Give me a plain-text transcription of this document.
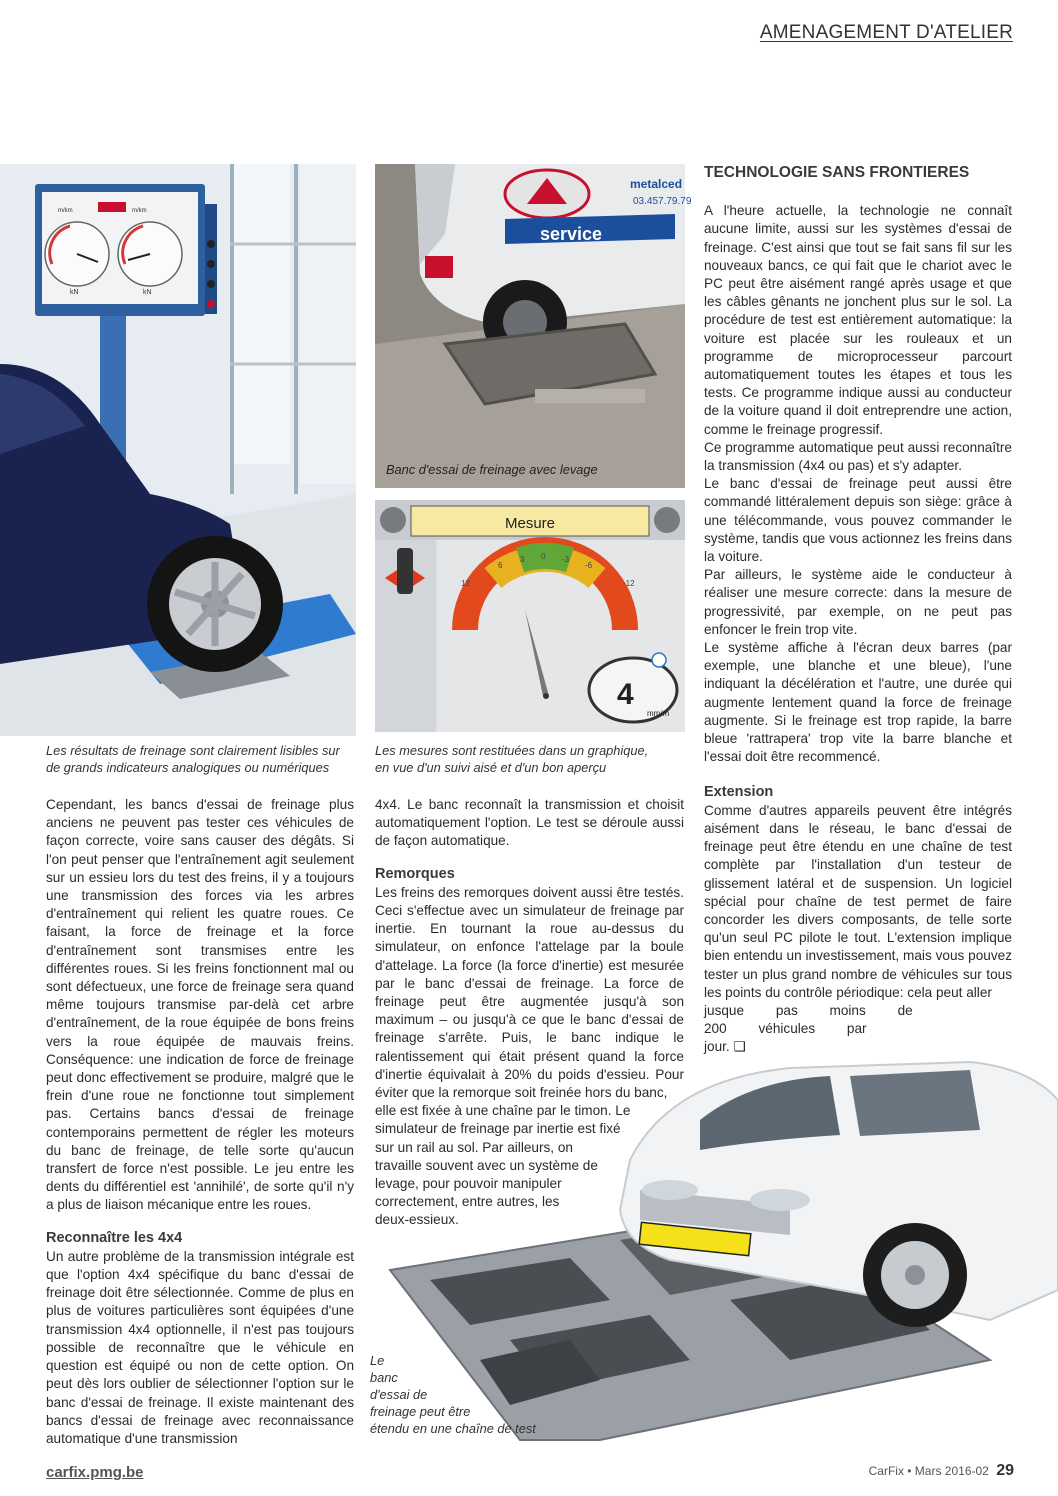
AMENAGEMENT D'ATELIER
m/km	m/km
kN	kN
service
metalced
03.457.79.79
Banc d'essai de freinage avec levage
Mesure
12
6
3 0 -3
-6
-12
4
mm/m
Les résultats de freinage sont clairement lisibles sur
de grands indicateurs analogiques ou numériques
Les mesures sont restituées dans un graphique,
en vue d'un suivi aisé et d'un bon aperçu

Cependant, les bancs d'essai de freinage plus anciens ne peuvent pas tester ces véhicules de façon correcte, voire sans causer des dégâts. Si l'on peut penser que l'entraînement agit seulement sur un essieu lors du test des freins, il y a toujours une transmission des forces via les arbres d'entraînement qui relient les quatre roues. Ce faisant, la force de freinage et la force d'entraînement sont transmises entre les différentes roues. Si les freins fonctionnent mal ou sont défectueux, une force de freinage sera quand même toujours transmise par-delà cet arbre d'entraînement, de la roue équipée de bons freins vers la roue équipée de mauvais freins. Conséquence: une indication de force de freinage peut donc effectivement se produire, malgré que le frein d'une roue ne fonctionne tout simplement pas. Certains bancs d'essai de freinage contemporains permettent de régler les moteurs du banc de freinage, de telle sorte qu'aucun transfert de force n'est possible. Le jeu entre les dents du différentiel est 'annihilé', de sorte qu'il n'y a plus de liaison mécanique entre les roues.

Reconnaître les 4x4

Un autre problème de la transmission intégrale est que l'option 4x4 spécifique du banc d'essai de freinage doit être sélectionnée. Comme de plus en plus de voitures particulières sont équipées d'une transmission 4x4 optionnelle, il n'est pas toujours possible de reconnaître que le véhicule en question est équipé ou non de cette option. On peut dès lors oublier de sélectionner l'option sur le banc d'essai de freinage. Il existe maintenant des bancs d'essai de freinage avec reconnaissance automatique d'une transmission

4x4. Le banc reconnaît la transmission et choisit automatiquement l'option. Le test se déroule aussi de façon automatique.

Remorques

Les freins des remorques doivent aussi être testés. Ceci s'effectue avec un simulateur de freinage par inertie. En tournant la roue au-dessus du simulateur, on enfonce l'attelage par la boule d'attelage. La force (la force d'inertie) est mesurée par le banc d'essai de freinage. La force de freinage peut être augmentée jusqu'à son maximum – ou jusqu'à ce que le banc d'essai de freinage s'arrête. Puis, le banc indique le ralentissement qui était présent quand la force d'inertie équivalait à 20% du poids d'essieu. Pour éviter que la remorque soit freinée hors du banc,

elle est fixée à une chaîne par le timon. Le
simulateur de freinage par inertie est fixé
sur un rail au sol. Par ailleurs, on
travaille souvent avec un système de
levage, pour pouvoir manipuler
correctement, entre autres, les
deux-essieux.
TECHNOLOGIE SANS FRONTIERES

A l'heure actuelle, la technologie ne connaît aucune limite, aussi sur les systèmes d'essai de freinage. C'est ainsi que tout se fait sans fil sur les nouveaux bancs, ce qui fait que le chariot avec le PC peut être aisément rangé après usage et que les câbles gênants ne jonchent plus sur le sol. La procédure de test est entièrement automatique: la voiture est placée sur les rouleaux et un programme de microprocesseur parcourt automatiquement toutes les étapes et tous les tests. Ce programme indique aussi au conducteur de la voiture quand il doit entreprendre une action, comme le freinage progressif.

Ce programme automatique peut aussi reconnaître la transmission (4x4 ou pas) et s'y adapter.

Le banc d'essai de freinage peut aussi être commandé littéralement depuis son siège: grâce à une télécommande, vous pouvez commander le système, tandis que vous actionnez les freins dans la voiture.

Par ailleurs, le système aide le conducteur à réaliser une mesure correcte: dans la mesure de progressivité, par exemple, on ne peut pas enfoncer le frein trop vite.

Le système affiche à l'écran deux barres (par exemple, une blanche et une bleue), l'une indiquant la décélération et l'autre, une durée qui augmente lentement quand la force de freinage augmente. Si le freinage est trop rapide, la barre bleue 'rattrapera' trop vite la barre blanche et l'essai doit être recommencé.

Extension

Comme d'autres appareils peuvent être intégrés aisément dans le réseau, le banc d'essai de freinage peut être étendu en une chaîne de test complète par l'installation d'un testeur de glissement latéral et de suspension. Un logiciel spécial pour chaîne de test permet de faire concorder les divers composants, de telle sorte qu'un seul PC pilote le tout. L'extension implique bien entendu un investissement, mais vous pouvez tester un plus grand nombre de véhicules sur tous les points du contrôle périodique: cela peut aller

jusque pas moins de
200 véhicules par
jour. ❑
Le
banc
d'essai de
freinage peut être
étendu en une chaîne de test
carfix.pmg.be	CarFix • Mars 2016-02 29
